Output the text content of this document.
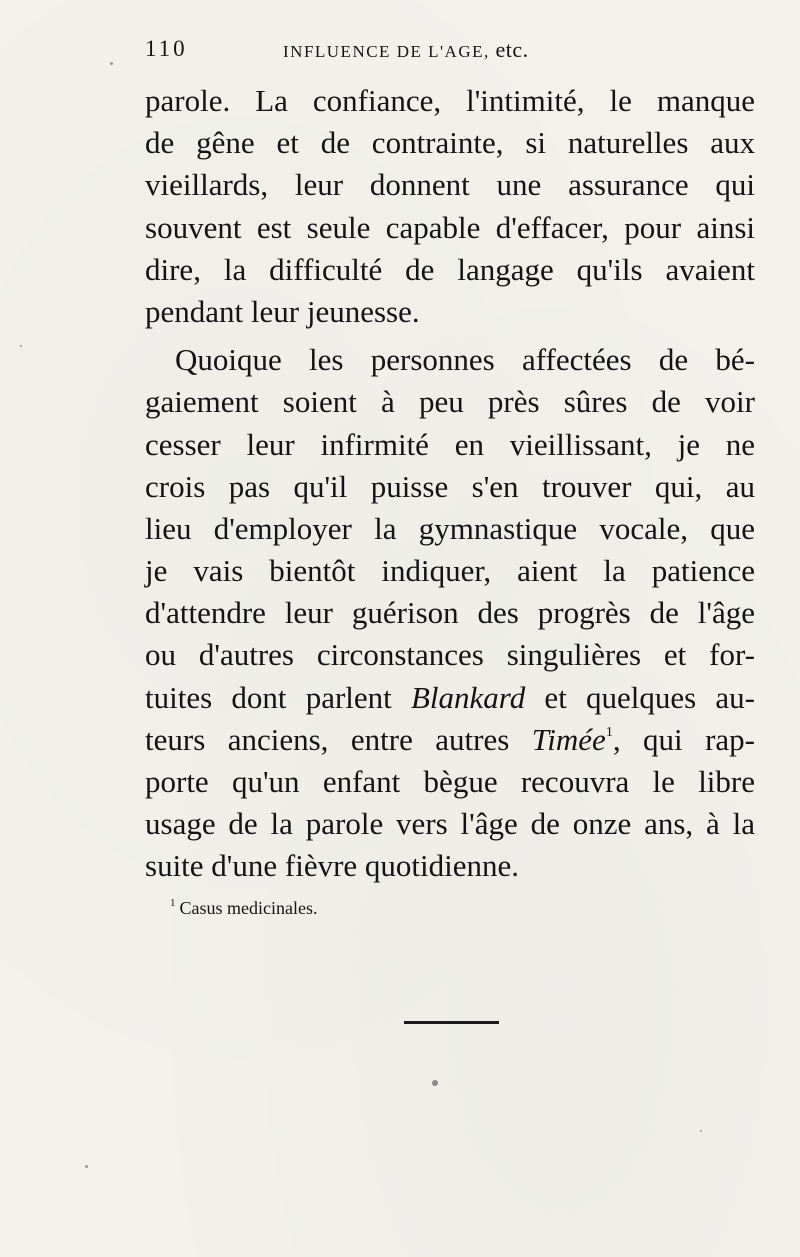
110	INFLUENCE DE L'AGE, etc.
parole. La confiance, l'intimité, le manque
de gêne et de contrainte, si naturelles aux
vieillards, leur donnent une assurance qui
souvent est seule capable d'effacer, pour ainsi
dire, la difficulté de langage qu'ils avaient
pendant leur jeunesse.
Quoique les personnes affectées de bé-
gaiement soient à peu près sûres de voir
cesser leur infirmité en vieillissant, je ne
crois pas qu'il puisse s'en trouver qui, au
lieu d'employer la gymnastique vocale, que
je vais bientôt indiquer, aient la patience
d'attendre leur guérison des progrès de l'âge
ou d'autres circonstances singulières et for-
tuites dont parlent Blankard et quelques au-
teurs anciens, entre autres Timée$^1$, qui rap-
porte qu'un enfant bègue recouvra le libre
usage de la parole vers l'âge de onze ans, à la
suite d'une fièvre quotidienne.
$^1$ Casus medicinales.
